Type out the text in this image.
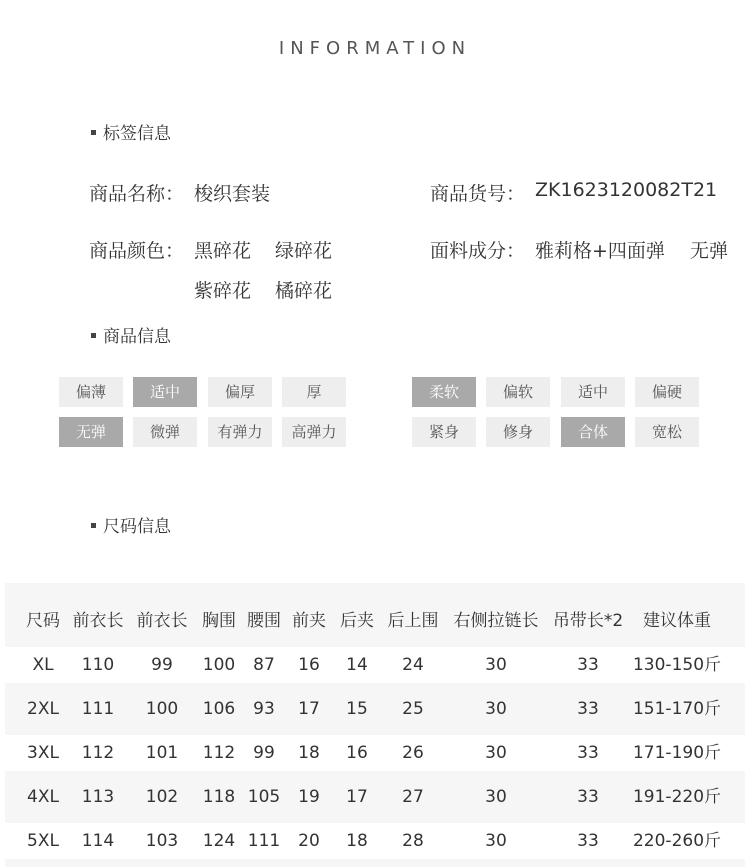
INFORMATION
标签信息
商品名称： 梭织套装	商品货号： ZK1623120082T21
商品颜色： 黑碎花 绿碎花
紫碎花 橘碎花
面料成分： 雅莉格+四面弹 无弹
商品信息
偏薄	适中	偏厚	厚
无弹	微弹	有弹力	高弹力
柔软	偏软	适中	偏硬
紧身	修身	合体	宽松
尺码信息
尺码 前衣长 前衣长 胸围 腰围 前夹 后夹 后上围 右侧拉链长 吊带长*2 建议体重
XL 110 99 100 87 16 14 24	30	33 130-150斤
2XL 111 100 106 93 17 15 25	30	33 151-170斤
3XL 112 101 112 99 18 16 26	30	33 171-190斤
4XL 113 102 118 105 19 17 27	30	33 191-220斤
5XL 114 103 124 111 20 18 28	30	33 220-260斤
